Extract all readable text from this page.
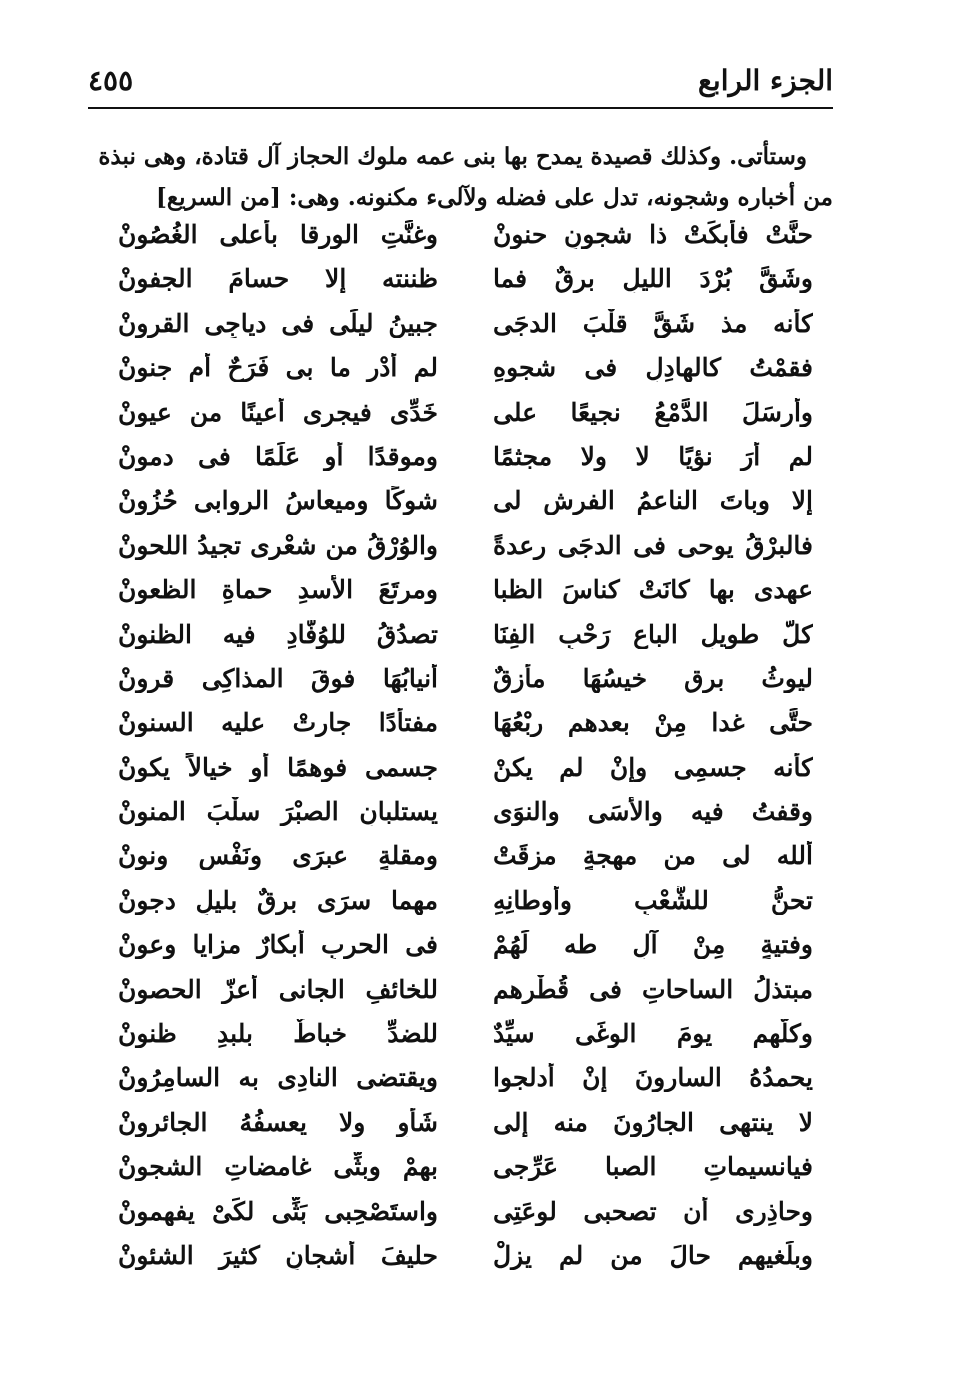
الجزء الرابع
٤٥٥
وستأتى. وكذلك قصيدة يمدح بها بنى عمه ملوك الحجاز آل قتادة، وهى نبذة
من أخباره وشجونه، تدل على فضله ولآلىء مكنونه. وهى: [من السريع]
حنَّتْ فأبكَتْ ذا شجونٍ حنونْ
وغنَّتِ الورقا بأعلى الغُصُونْ
وشَقَّ بُرْدَ الليلِ برقٌ فما
ظننته إلا حسامَ الجفونْ
كأنه مذ شَقَّ قلْبَ الدجَى
جبينُ ليلَى فى دياجِى القرونْ
فقمْتُ كالهادِلِ فى شجوِهِ
لم أدْرِ ما بى فَرَحٌ أم جنونْ
وأرسَلَ الدَّمْعُ نجيعًا على
خَدِّى فيجرى أعينًا من عيونْ
لم أرَ نؤيًا لا ولا مجثمًا
وموقدًا أو عَلَمًا فى دمونْ
إلا وباتَ الناعمُ الفرشِ لى
شوكًا وميعاسُ الروابى حُزُونْ
فالبرْقُ يوحى فى الدجَى رعدةً
والوُرْقُ من شعْرى تجيدُ اللحونْ
عهدى بها كانَتْ كناسَ الظبا
ومرتَعَ الأسدِ حماةِ الظعونْ
كلُّ طويلِ الباعِ رَحْبِ الفِنَا
تصدُقُ للوُفَّادِ فيه الظنونْ
ليوثُ برقٍ خيسُهَا مأزقٌ
أنيابُهَا فوقَ المذاكِى قرونْ
حتَّى غدا مِنْ بعدهم ربْعُهَا
مفتأدًا جارتْ عليه السنونْ
كأنه جسمِى وإنْ لم يكنْ
جسمى فوهمًا أو خيالاً يكونْ
وقفتُ فيه والأسَى والنوَى
يستلبانِ الصبْرَ سلْبَ المنونْ
ألله لى من مهجةٍ مزقَتْ
ومقلةٍ عبرَى ونَفْسٍ ونونْ
تحنُّ للشُّعْبِ وأوطانِهِ
مهما سرَى برقٌ بليلٍ دجونْ
وفتيةٍ مِنْ آلِ طه لَهُمْ
فى الحربِ أبكارٌ مزايا وعونْ
مبتذلُ الساحاتِ فى قُطْرهم
للخائفِ الجانى أعزّ الحصونْ
وكلُّهم يومَ الوغَى سيِّدٌ
للضدِّ خباطٌ بلبدِ ظنونْ
يحمدُهُ السارونَ إنْ أدلجوا
ويقتضى النادِى به السامِرُونْ
لا ينتهى الجارُونَ منه إلى
شَأوٍ ولا يعسفُهُ الجائرونْ
فيانسيماتِ الصبا عَرِّجى
بهمْ وبثِّى غامضاتِ الشجونْ
وحاذِرِى أن تصحبى لوعَتِى
واستَصْحِبى بَثِّى لكَىْ يفهمونْ
وبلِّغيهم حالَ من لم يزلْ
حليفَ أشجانٍ كثيرَ الشئونْ
